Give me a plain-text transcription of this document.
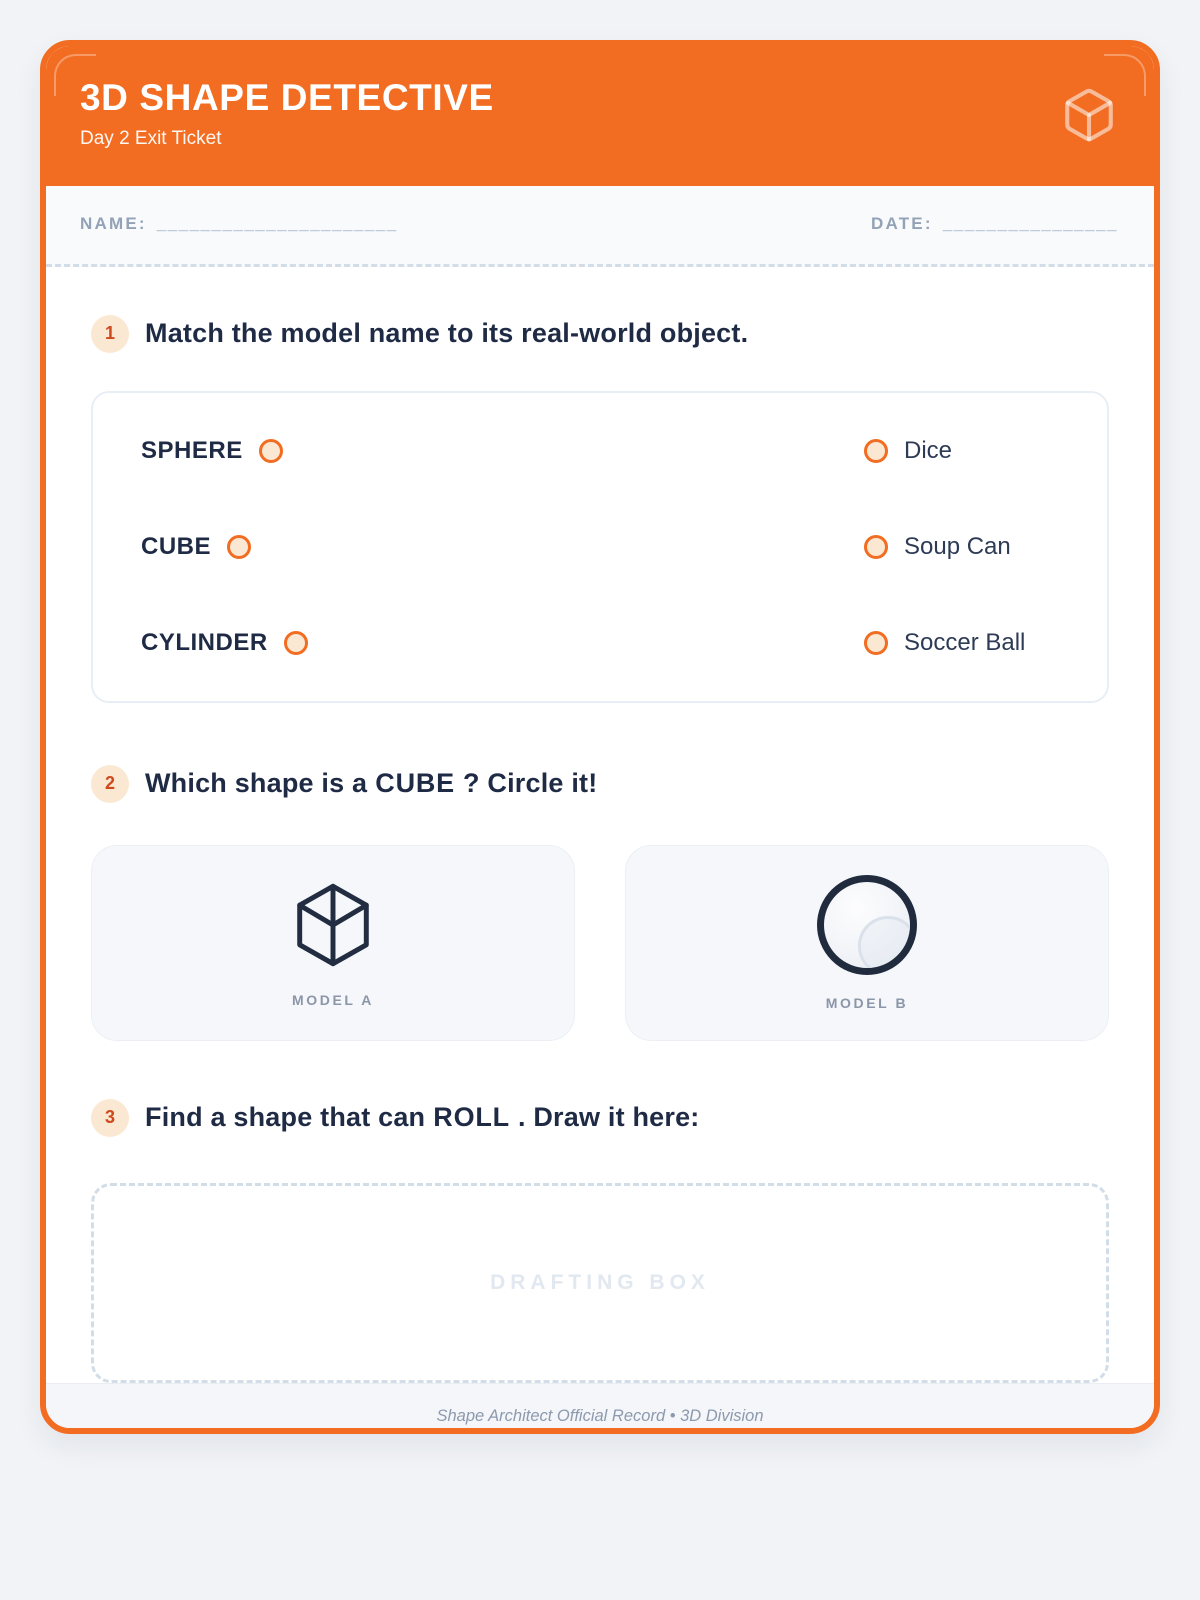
3D SHAPE DETECTIVE
Day 2 Exit Ticket
NAME: ______________________	DATE: ________________
1	Match the model name to its real-world object.
SPHERE	Dice
CUBE	Soup Can
CYLINDER	Soccer Ball
2	Which shape is a CUBE ? Circle it!
MODEL A	MODEL B
3	Find a shape that can ROLL . Draw it here:
DRAFTING BOX
Shape Architect Official Record • 3D Division
